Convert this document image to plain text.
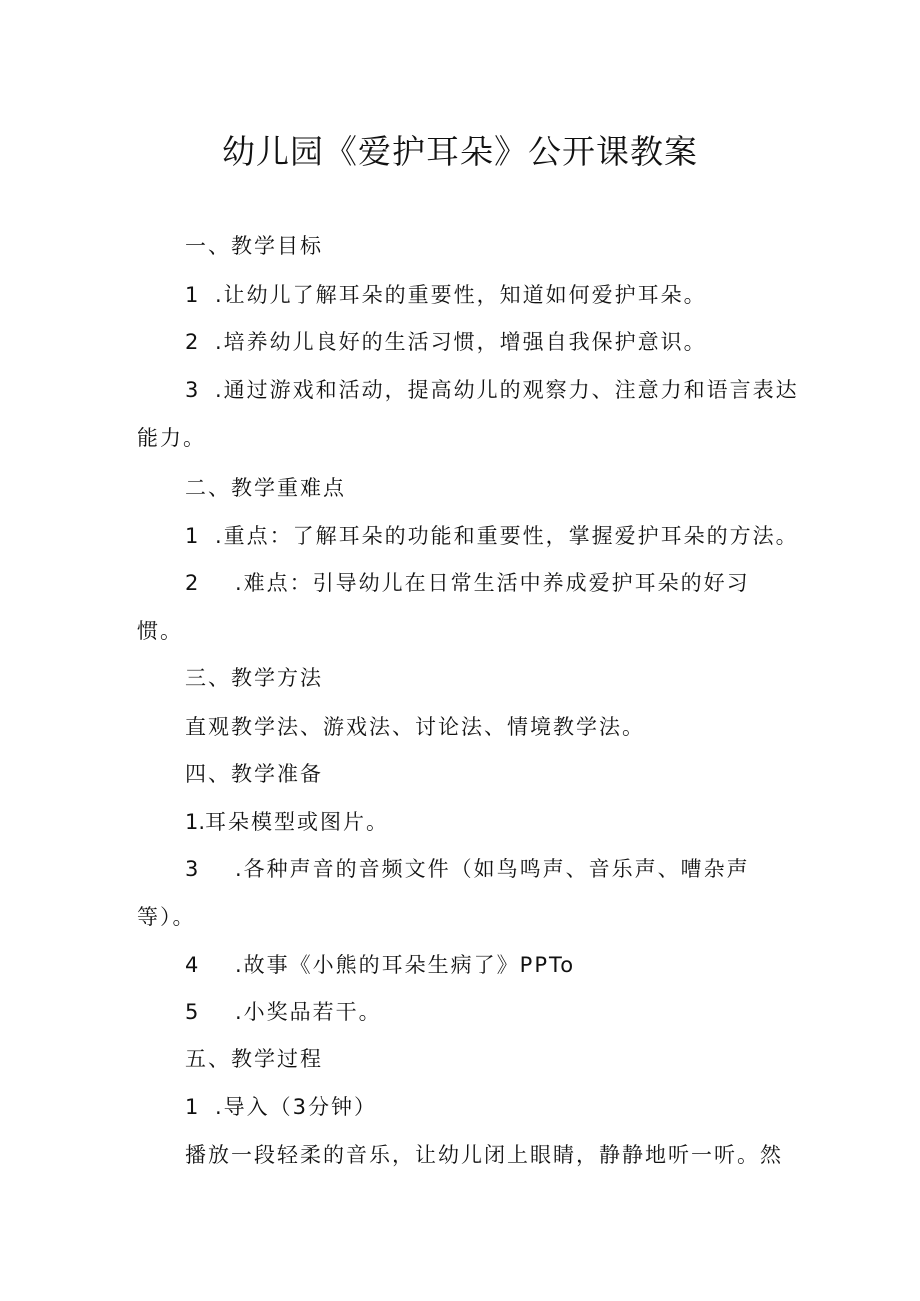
幼儿园《爱护耳朵》公开课教案

一、教学目标

1 .让幼儿了解耳朵的重要性，知道如何爱护耳朵。

2 .培养幼儿良好的生活习惯，增强自我保护意识。

3 .通过游戏和活动，提高幼儿的观察力、注意力和语言表达

能力。

二、教学重难点

1 .重点：了解耳朵的功能和重要性，掌握爱护耳朵的方法。

2 .难点：引导幼儿在日常生活中养成爱护耳朵的好习

惯。

三、教学方法

直观教学法、游戏法、讨论法、情境教学法。

四、教学准备

1.耳朵模型或图片。

3 .各种声音的音频文件（如鸟鸣声、音乐声、嘈杂声

等）。

4 .故事《小熊的耳朵生病了》PPTo

5 .小奖品若干。

五、教学过程

1 .导入（3分钟）

播放一段轻柔的音乐，让幼儿闭上眼睛，静静地听一听。然
